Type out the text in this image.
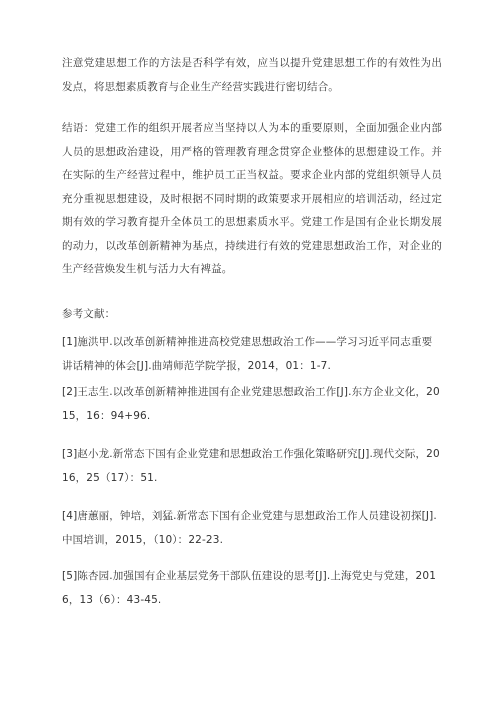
注意党建思想工作的方法是否科学有效，应当以提升党建思想工作的有效性为出发点，将思想素质教育与企业生产经营实践进行密切结合。

结语：党建工作的组织开展者应当坚持以人为本的重要原则，全面加强企业内部人员的思想政治建设，用严格的管理教育理念贯穿企业整体的思想建设工作。并在实际的生产经营过程中，维护员工正当权益。要求企业内部的党组织领导人员充分重视思想建设，及时根据不同时期的政策要求开展相应的培训活动，经过定期有效的学习教育提升全体员工的思想素质水平。党建工作是国有企业长期发展的动力，以改革创新精神为基点，持续进行有效的党建思想政治工作，对企业的生产经营焕发生机与活力大有裨益。

参考文献：

[1]施洪甲.以改革创新精神推进高校党建思想政治工作——学习习近平同志重要讲话精神的体会[J].曲靖师范学院学报，2014，01：1-7.

[2]王志生.以改革创新精神推进国有企业党建思想政治工作[J].东方企业文化，2015，16：94+96.

[3]赵小龙.新常态下国有企业党建和思想政治工作强化策略研究[J].现代交际，2016，25（17）：51.

[4]唐蕙丽，钟培，刘猛.新常态下国有企业党建与思想政治工作人员建设初探[J].中国培训，2015，（10）：22-23.

[5]陈杏园.加强国有企业基层党务干部队伍建设的思考[J].上海党史与党建，2016，13（6）：43-45.
